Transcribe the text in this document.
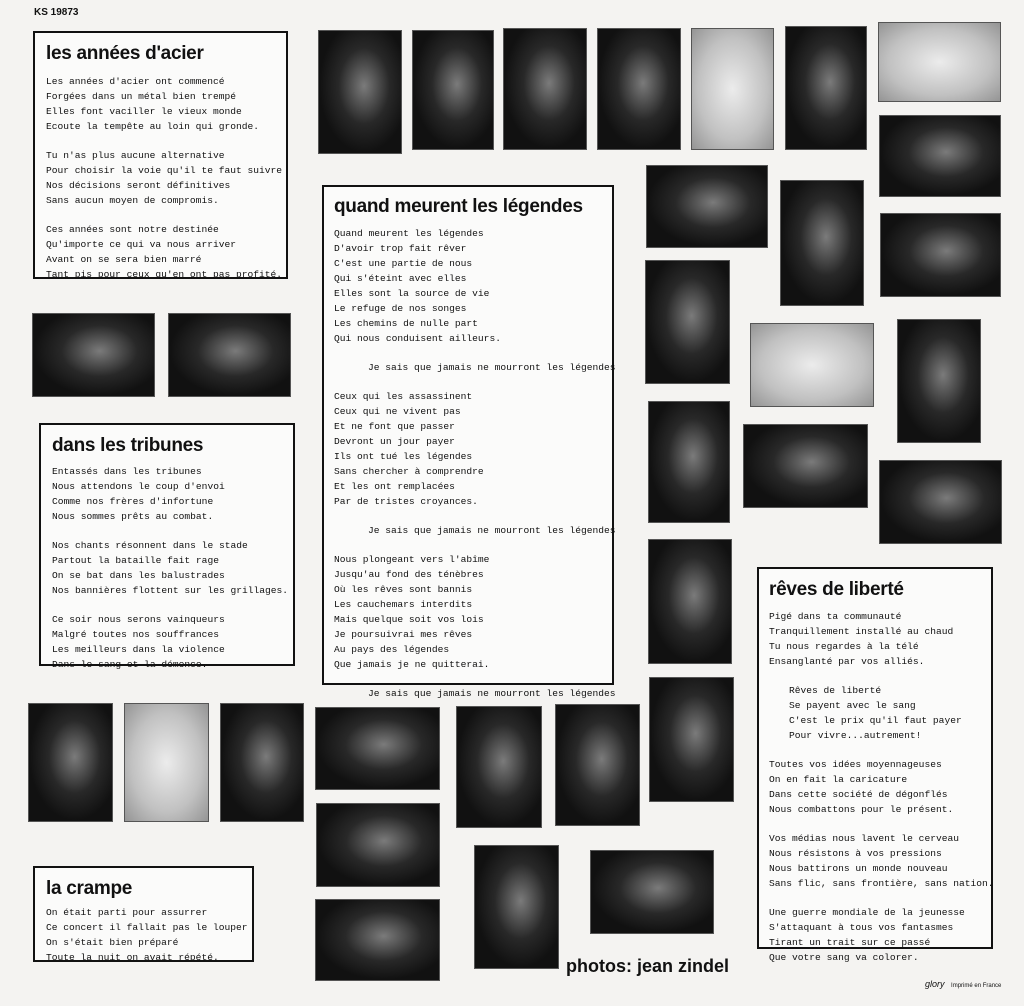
KS 19873
les années d'acier
Les années d'acier ont commencé
Forgées dans un métal bien trempé
Elles font vaciller le vieux monde
Ecoute la tempête au loin qui gronde.
Tu n'as plus aucune alternative
Pour choisir la voie qu'il te faut suivre
Nos décisions seront définitives
Sans aucun moyen de compromis.
Ces années sont notre destinée
Qu'importe ce qui va nous arriver
Avant on se sera bien marré
Tant pis pour ceux qu'en ont pas profité.
dans les tribunes
Entassés dans les tribunes
Nous attendons le coup d'envoi
Comme nos frères d'infortune
Nous sommes prêts au combat.
Nos chants résonnent dans le stade
Partout la bataille fait rage
On se bat dans les balustrades
Nos bannières flottent sur les grillages.
Ce soir nous serons vainqueurs
Malgré toutes nos souffrances
Les meilleurs dans la violence
Dans le sang et la démence.
la crampe
On était parti pour assurrer
Ce concert il fallait pas le louper
On s'était bien préparé
Toute la nuit on avait répété.
quand meurent les légendes
Quand meurent les légendes
D'avoir trop fait rêver
C'est une partie de nous
Qui s'éteint avec elles
Elles sont la source de vie
Le refuge de nos songes
Les chemins de nulle part
Qui nous conduisent ailleurs.
Je sais que jamais ne mourront les légendes
Ceux qui les assassinent
Ceux qui ne vivent pas
Et ne font que passer
Devront un jour payer
Ils ont tué les légendes
Sans chercher à comprendre
Et les ont remplacées
Par de tristes croyances.
Je sais que jamais ne mourront les légendes
Nous plongeant vers l'abîme
Jusqu'au fond des ténèbres
Où les rêves sont bannis
Les cauchemars interdits
Mais quelque soit vos lois
Je poursuivrai mes rêves
Au pays des légendes
Que jamais je ne quitterai.
Je sais que jamais ne mourront les légendes
rêves de liberté
Pigé dans ta communauté
Tranquillement installé au chaud
Tu nous regardes à la télé
Ensanglanté par vos alliés.
Rêves de liberté
Se payent avec le sang
C'est le prix qu'il faut payer
Pour vivre...autrement!
Toutes vos idées moyennageuses
On en fait la caricature
Dans cette société de dégonflés
Nous combattons pour le présent.
Vos médias nous lavent le cerveau
Nous résistons à vos pressions
Nous battirons un monde nouveau
Sans flic, sans frontière, sans nation.
Une guerre mondiale de la jeunesse
S'attaquant à tous vos fantasmes
Tirant un trait sur ce passé
Que votre sang va colorer.
photos: jean zindel
glory Imprimé en France
